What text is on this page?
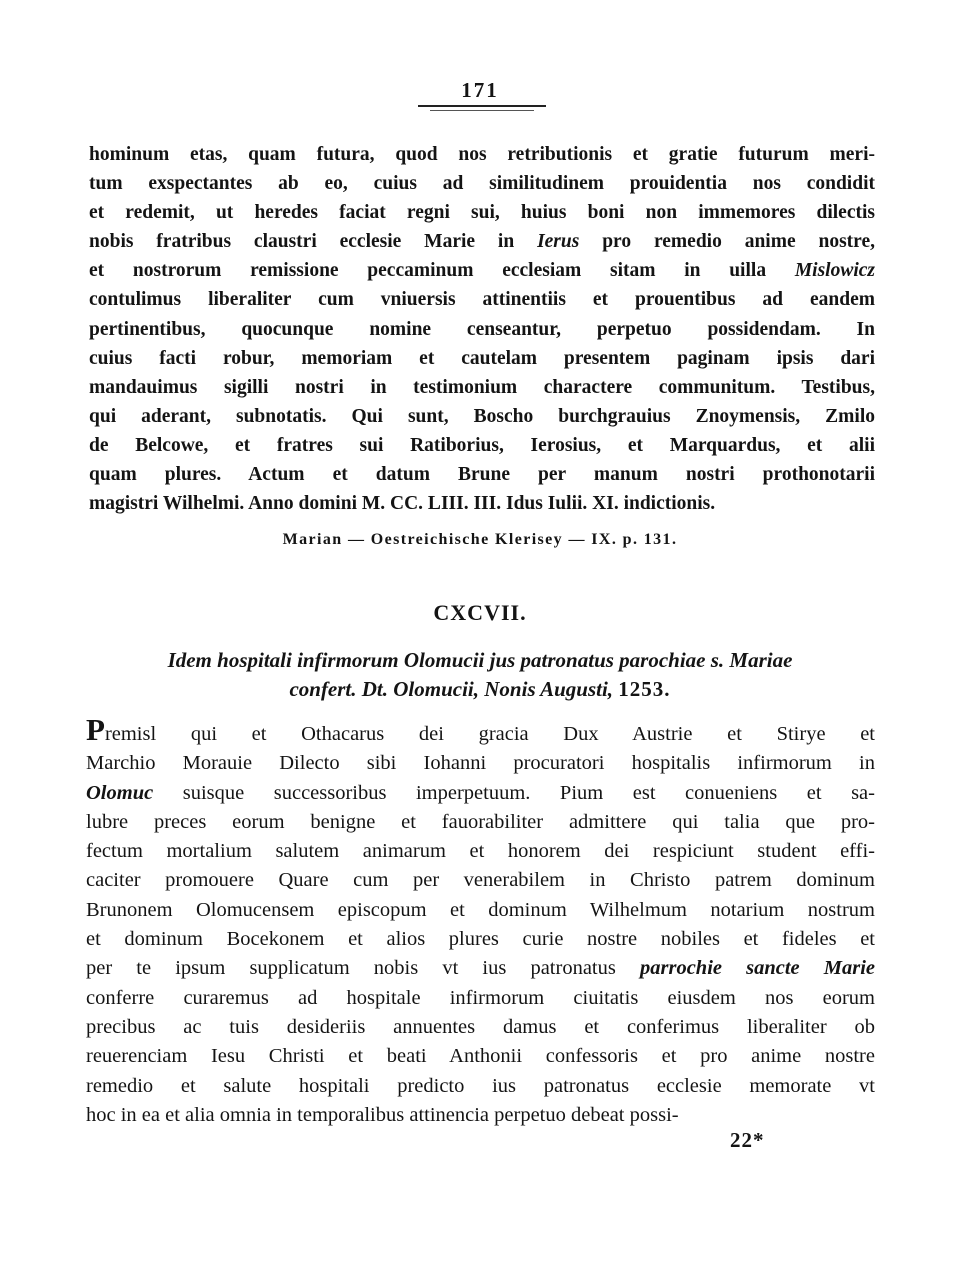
171
hominum etas, quam futura, quod nos retributionis et gratie futurum meri-
tum exspectantes ab eo, cuius ad similitudinem prouidentia nos condidit
et redemit, ut heredes faciat regni sui, huius boni non immemores dilectis
nobis fratribus claustri ecclesie Marie in Ierus pro remedio anime nostre,
et nostrorum remissione peccaminum ecclesiam sitam in uilla Mislowicz
contulimus liberaliter cum vniuersis attinentiis et prouentibus ad eandem
pertinentibus, quocunque nomine censeantur, perpetuo possidendam. In
cuius facti robur, memoriam et cautelam presentem paginam ipsis dari
mandauimus sigilli nostri in testimonium charactere communitum. Testibus,
qui aderant, subnotatis. Qui sunt, Boscho burchgrauius Znoymensis, Zmilo
de Belcowe, et fratres sui Ratiborius, Ierosius, et Marquardus, et alii
quam plures. Actum et datum Brune per manum nostri prothonotarii
magistri Wilhelmi. Anno domini M. CC. LIII. III. Idus Iulii. XI. indictionis.
Marian — Oestreichische Klerisey — IX. p. 131.
CXCVII.
Idem hospitali infirmorum Olomucii jus patronatus parochiae s. Mariae
confert. Dt. Olomucii, Nonis Augusti, 1253.
Premisl qui et Othacarus dei gracia Dux Austrie et Stirye et
Marchio Morauie Dilecto sibi Iohanni procuratori hospitalis infirmorum in
Olomuc suisque successoribus imperpetuum. Pium est conueniens et sa-
lubre preces eorum benigne et fauorabiliter admittere qui talia que pro-
fectum mortalium salutem animarum et honorem dei respiciunt student effi-
caciter promouere Quare cum per venerabilem in Christo patrem dominum
Brunonem Olomucensem episcopum et dominum Wilhelmum notarium nostrum
et dominum Bocekonem et alios plures curie nostre nobiles et fideles et
per te ipsum supplicatum nobis vt ius patronatus parrochie sancte Marie
conferre curaremus ad hospitale infirmorum ciuitatis eiusdem nos eorum
precibus ac tuis desideriis annuentes damus et conferimus liberaliter ob
reuerenciam Iesu Christi et beati Anthonii confessoris et pro anime nostre
remedio et salute hospitali predicto ius patronatus ecclesie memorate vt
hoc in ea et alia omnia in temporalibus attinencia perpetuo debeat possi-
22*
